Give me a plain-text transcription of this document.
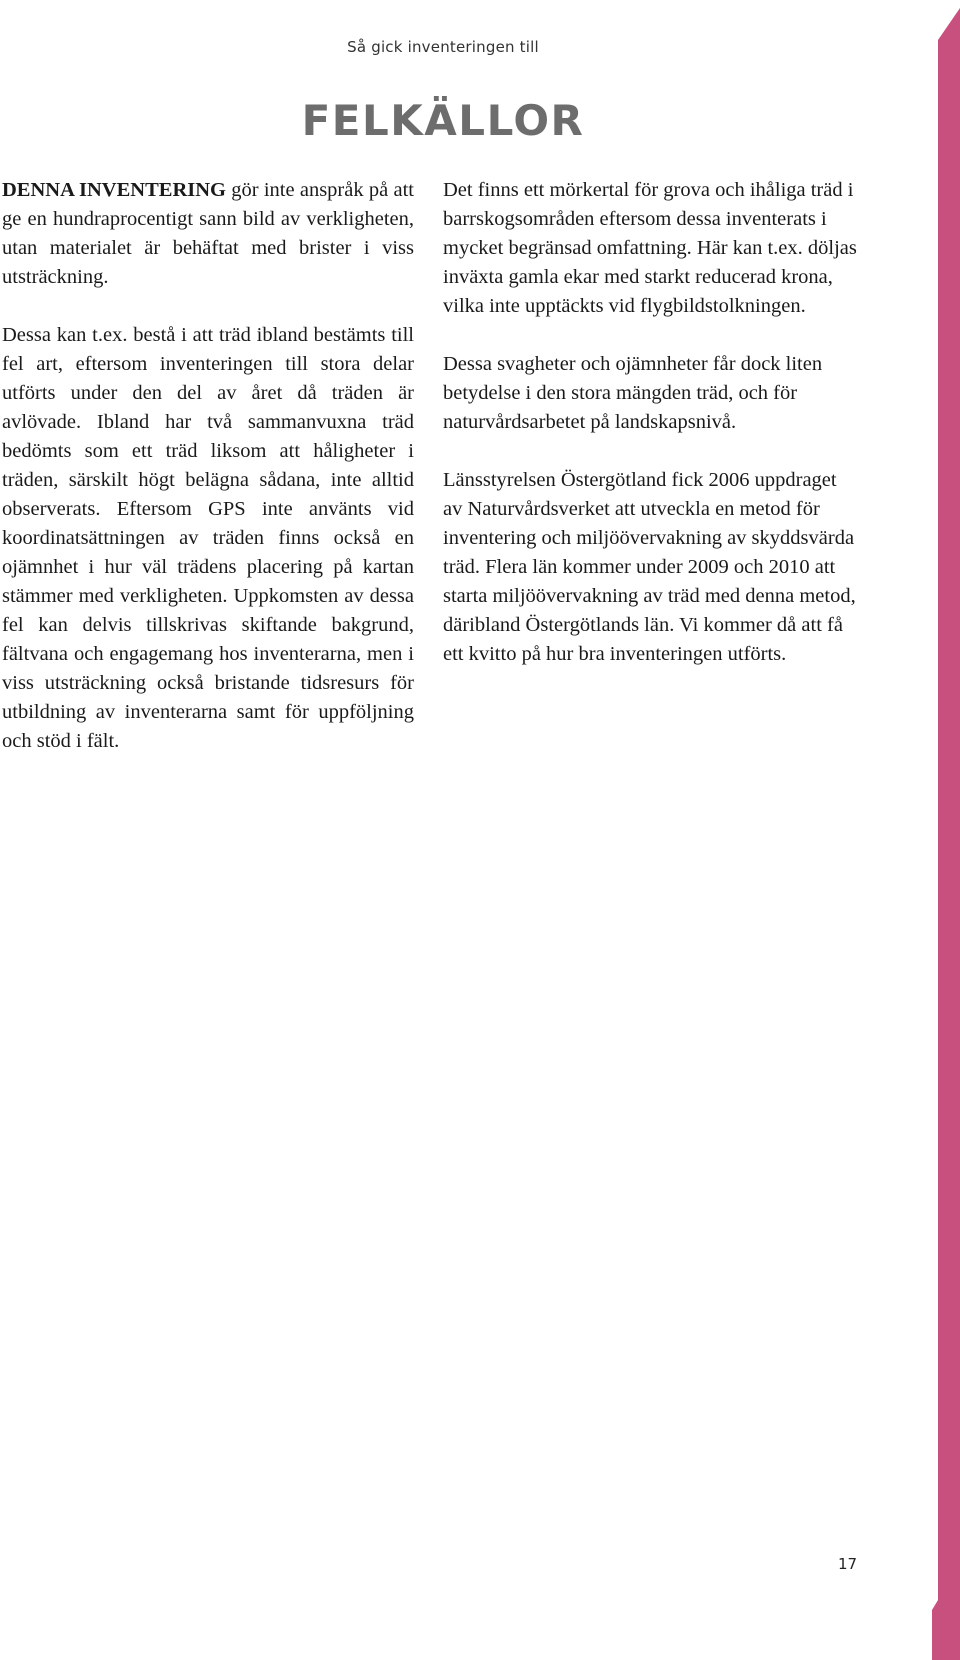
Så gick inventeringen till
FELKÄLLOR

DENNA INVENTERING gör inte anspråk på att ge en hundraprocentigt sann bild av verkligheten, utan materialet är behäftat med brister i viss utsträckning.

Dessa kan t.ex. bestå i att träd ibland bestämts till fel art, eftersom inventeringen till stora delar utförts under den del av året då träden är avlövade. Ibland har två sammanvuxna träd bedömts som ett träd liksom att håligheter i träden, särskilt högt belägna sådana, inte alltid observerats. Eftersom GPS inte använts vid koordinatsättningen av träden finns också en ojämnhet i hur väl trädens placering på kartan stämmer med verkligheten. Uppkomsten av dessa fel kan delvis tillskrivas skiftande bakgrund, fältvana och engagemang hos inventerarna, men i viss utsträckning också bristande tidsresurs för utbildning av inventerarna samt för uppföljning och stöd i fält.

Det finns ett mörkertal för grova och ihåliga träd i barrskogsområden eftersom dessa inventerats i mycket begränsad omfattning. Här kan t.ex. döljas inväxta gamla ekar med starkt reducerad krona, vilka inte upptäckts vid flygbildstolkningen.

Dessa svagheter och ojämnheter får dock liten betydelse i den stora mängden träd, och för naturvårdsarbetet på landskapsnivå.

Länsstyrelsen Östergötland fick 2006 uppdraget av Naturvårdsverket att utveckla en metod för inventering och miljöövervakning av skyddsvärda träd. Flera län kommer under 2009 och 2010 att starta miljöövervakning av träd med denna metod, däribland Östergötlands län. Vi kommer då att få ett kvitto på hur bra inventeringen utförts.

17
